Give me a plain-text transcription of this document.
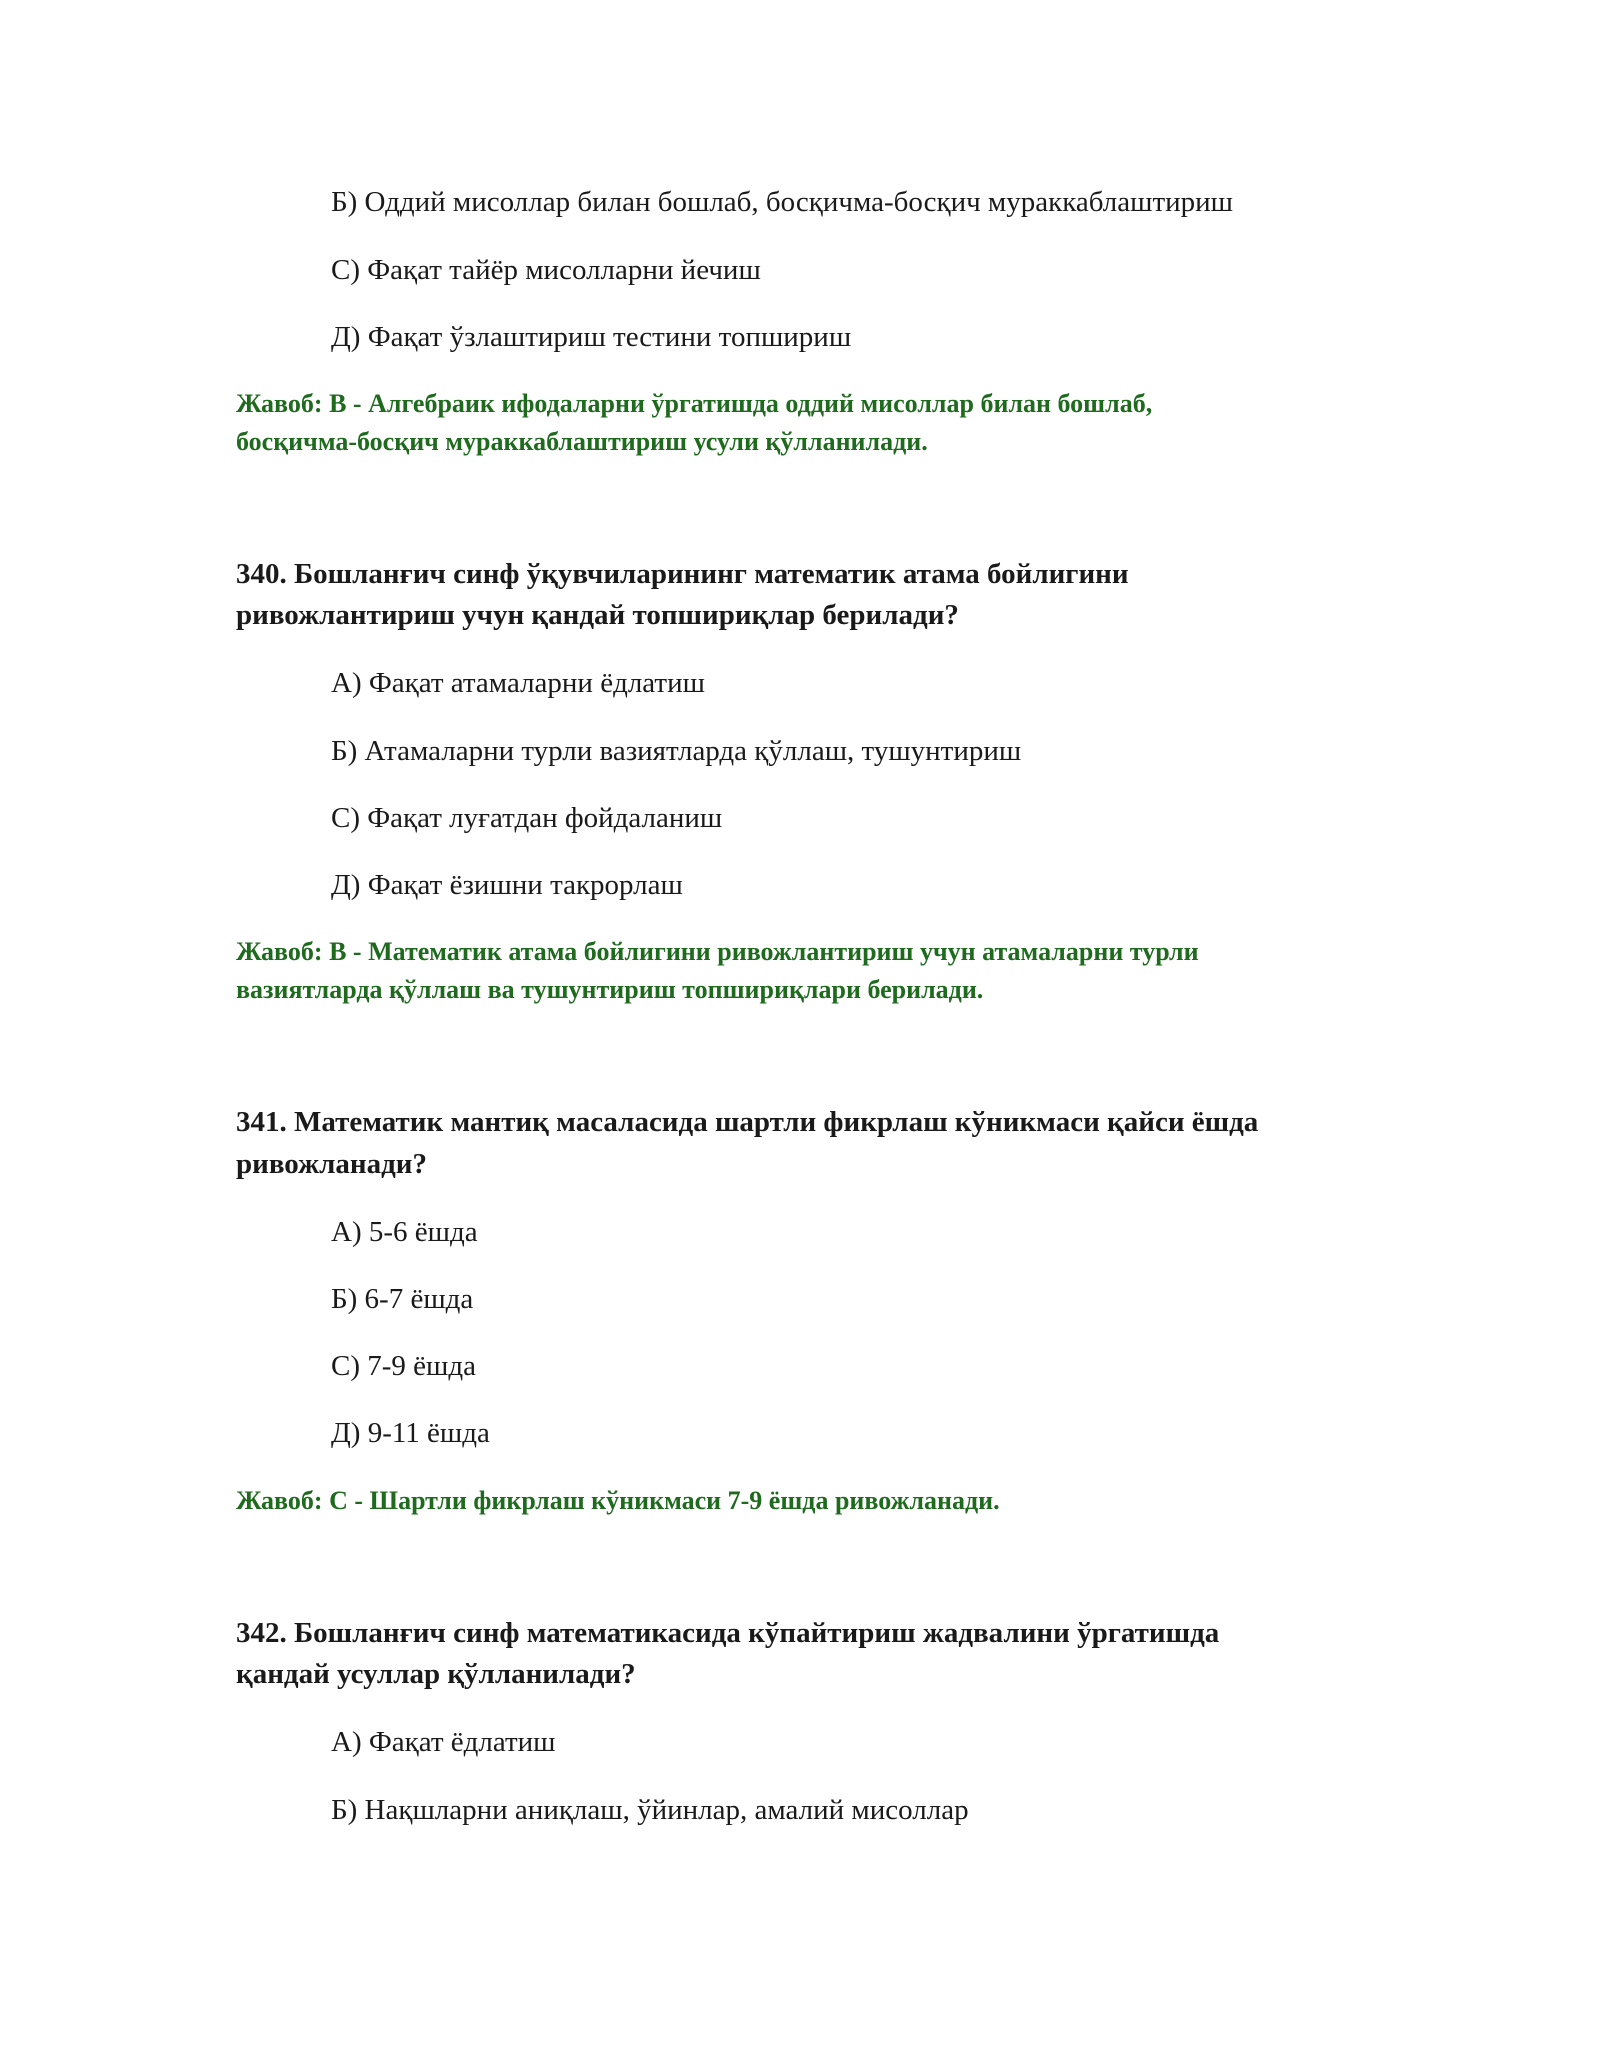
Б) Оддий мисоллар билан бошлаб, босқичма-босқич мураккаблаштириш
С) Фақат тайёр мисолларни йечиш
Д) Фақат ўзлаштириш тестини топшириш
Жавоб: В - Алгебраик ифодаларни ўргатишда оддий мисоллар билан бошлаб,
босқичма-босқич мураккаблаштириш усули қўлланилади.
340. Бошланғич синф ўқувчиларининг математик атама бойлигини
ривожлантириш учун қандай топшириқлар берилади?
А) Фақат атамаларни ёдлатиш
Б) Атамаларни турли вазиятларда қўллаш, тушунтириш
С) Фақат луғатдан фойдаланиш
Д) Фақат ёзишни такрорлаш
Жавоб: В - Математик атама бойлигини ривожлантириш учун атамаларни турли
вазиятларда қўллаш ва тушунтириш топшириқлари берилади.
341. Математик мантиқ масаласида шартли фикрлаш кўникмаси қайси ёшда
ривожланади?
А) 5-6 ёшда
Б) 6-7 ёшда
С) 7-9 ёшда
Д) 9-11 ёшда
Жавоб: С - Шартли фикрлаш кўникмаси 7-9 ёшда ривожланади.
342. Бошланғич синф математикасида кўпайтириш жадвалини ўргатишда
қандай усуллар қўлланилади?
А) Фақат ёдлатиш
Б) Нақшларни аниқлаш, ўйинлар, амалий мисоллар
